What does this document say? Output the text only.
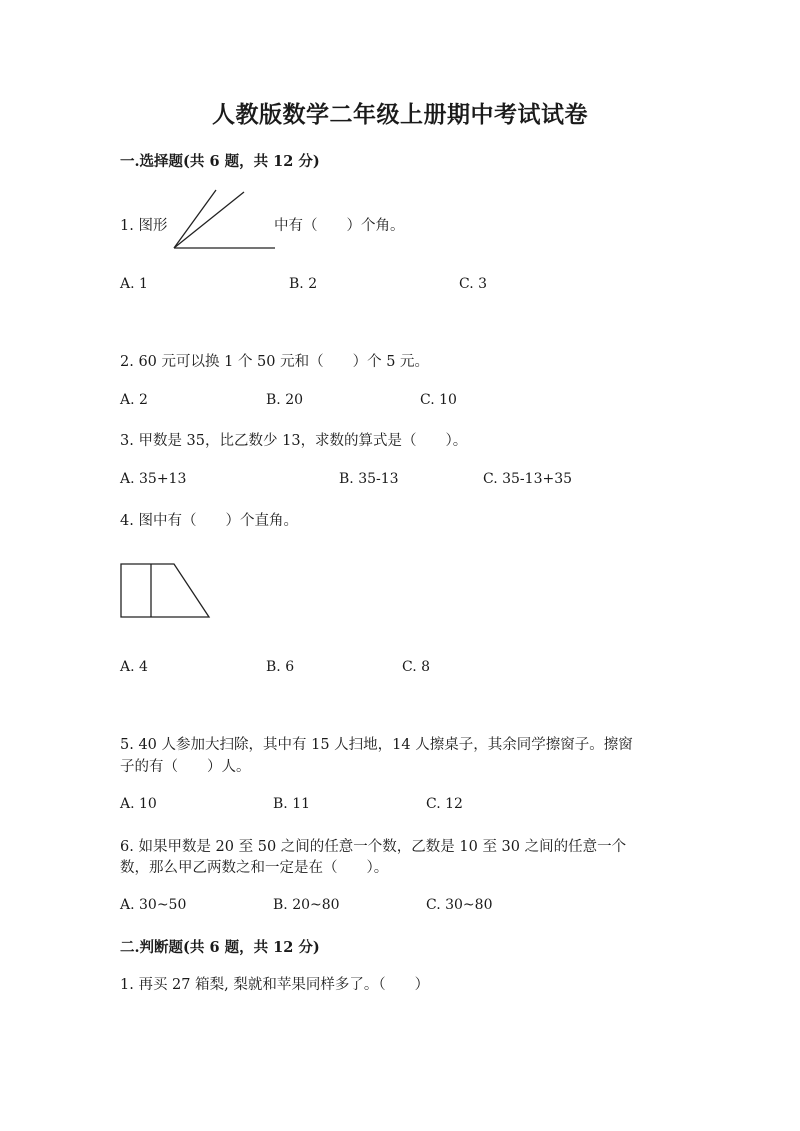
人教版数学二年级上册期中考试试卷
一.选择题(共 6 题，共 12 分)
1. 图形	中有（　　）个角。
A. 1	B. 2	C. 3
2. 60 元可以换 1 个 50 元和（　　）个 5 元。
A. 2	B. 20	C. 10
3. 甲数是 35，比乙数少 13，求数的算式是（　　）。
A. 35+13	B. 35-13	C. 35-13+35
4. 图中有（　　）个直角。
A. 4	B. 6	C. 8
5. 40 人参加大扫除，其中有 15 人扫地，14 人擦桌子，其余同学擦窗子。擦窗
子的有（　　）人。
A. 10	B. 11	C. 12
6. 如果甲数是 20 至 50 之间的任意一个数，乙数是 10 至 30 之间的任意一个
数，那么甲乙两数之和一定是在（　　）。
A. 30~50	B. 20~80	C. 30~80
二.判断题(共 6 题，共 12 分)
1. 再买 27 箱梨, 梨就和苹果同样多了。（　　）
